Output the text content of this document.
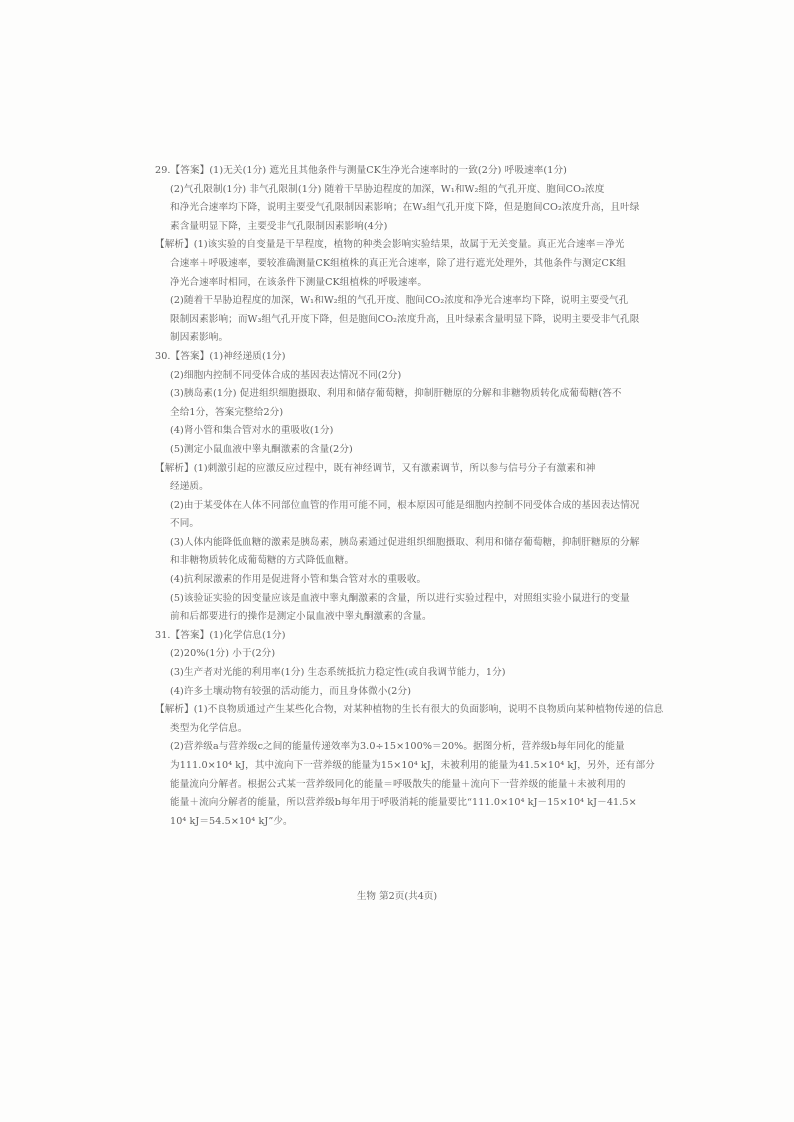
29.【答案】(1)无关(1分) 遮光且其他条件与测量CK生净光合速率时的一致(2分) 呼吸速率(1分)
(2)气孔限制(1分) 非气孔限制(1分) 随着干旱胁迫程度的加深，W₁和W₂组的气孔开度、胞间CO₂浓度
和净光合速率均下降，说明主要受气孔限制因素影响；在W₃组气孔开度下降，但是胞间CO₂浓度升高，且叶绿
素含量明显下降，主要受非气孔限制因素影响(4分)
【解析】(1)该实验的自变量是干旱程度，植物的种类会影响实验结果，故属于无关变量。真正光合速率＝净光
合速率＋呼吸速率，要较准确测量CK组植株的真正光合速率，除了进行遮光处理外，其他条件与测定CK组
净光合速率时相同，在该条件下测量CK组植株的呼吸速率。
(2)随着干旱胁迫程度的加深，W₁和W₂组的气孔开度、胞间CO₂浓度和净光合速率均下降，说明主要受气孔
限制因素影响；而W₃组气孔开度下降，但是胞间CO₂浓度升高，且叶绿素含量明显下降，说明主要受非气孔限
制因素影响。
30.【答案】(1)神经递质(1分)
(2)细胞内控制不同受体合成的基因表达情况不同(2分)
(3)胰岛素(1分) 促进组织细胞摄取、利用和储存葡萄糖，抑制肝糖原的分解和非糖物质转化成葡萄糖(答不
全给1分，答案完整给2分)
(4)肾小管和集合管对水的重吸收(1分)
(5)测定小鼠血液中睾丸酮激素的含量(2分)
【解析】(1)刺激引起的应激反应过程中，既有神经调节，又有激素调节，所以参与信号分子有激素和神
经递质。
(2)由于某受体在人体不同部位血管的作用可能不同，根本原因可能是细胞内控制不同受体合成的基因表达情况
不同。
(3)人体内能降低血糖的激素是胰岛素，胰岛素通过促进组织细胞摄取、利用和储存葡萄糖，抑制肝糖原的分解
和非糖物质转化成葡萄糖的方式降低血糖。
(4)抗利尿激素的作用是促进肾小管和集合管对水的重吸收。
(5)该验证实验的因变量应该是血液中睾丸酮激素的含量，所以进行实验过程中，对照组实验小鼠进行的变量
前和后都要进行的操作是测定小鼠血液中睾丸酮激素的含量。
31.【答案】(1)化学信息(1分)
(2)20%(1分) 小于(2分)
(3)生产者对光能的利用率(1分) 生态系统抵抗力稳定性(或自我调节能力，1分)
(4)许多土壤动物有较强的活动能力，而且身体微小(2分)
【解析】(1)不良物质通过产生某些化合物，对某种植物的生长有很大的负面影响，说明不良物质向某种植物传递的信息
类型为化学信息。
(2)营养级a与营养级c之间的能量传递效率为3.0÷15×100%＝20%。据图分析，营养级b每年同化的能量
为111.0×10⁴ kJ，其中流向下一营养级的能量为15×10⁴ kJ，未被利用的能量为41.5×10⁴ kJ，另外，还有部分
能量流向分解者。根据公式某一营养级同化的能量＝呼吸散失的能量＋流向下一营养级的能量＋未被利用的
能量＋流向分解者的能量，所以营养级b每年用于呼吸消耗的能量要比“111.0×10⁴ kJ－15×10⁴ kJ－41.5×
10⁴ kJ＝54.5×10⁴ kJ”少。
生物 第2页(共4页)
